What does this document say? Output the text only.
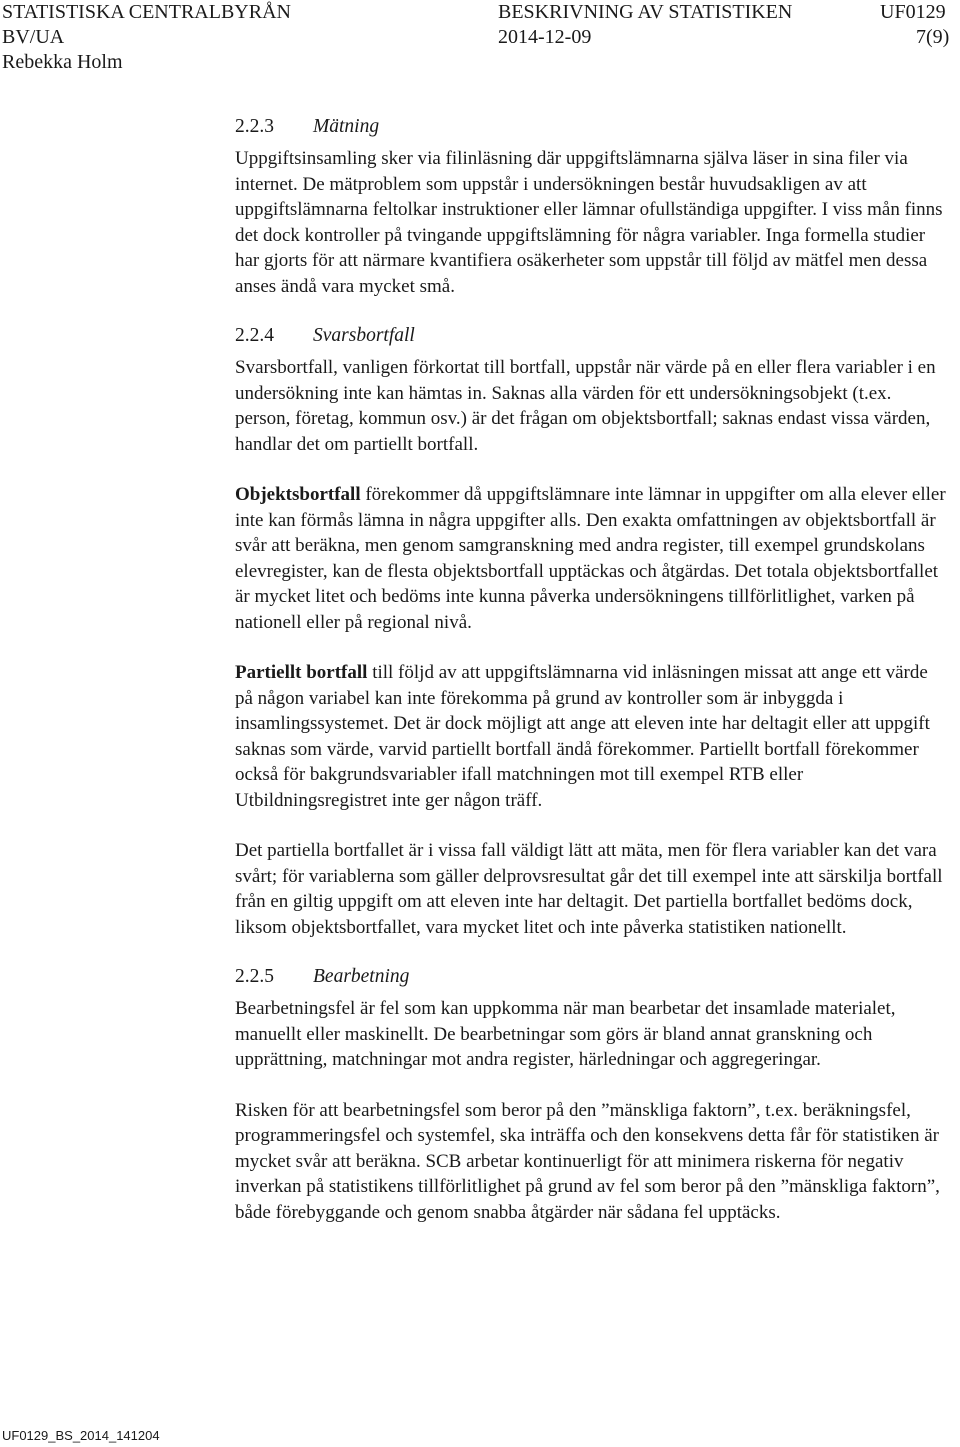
STATISTISKA CENTRALBYRÅN	BESKRIVNING AV STATISTIKEN	UF0129
BV/UA	2014-12-09	7(9)
Rebekka Holm
2.2.3 Mätning

Uppgiftsinsamling sker via filinläsning där uppgiftslämnarna själva läser in sina filer via internet. De mätproblem som uppstår i undersökningen består huvudsakligen av att uppgiftslämnarna feltolkar instruktioner eller lämnar ofullständiga uppgifter. I viss mån finns det dock kontroller på tvingande uppgiftslämning för några variabler. Inga formella studier har gjorts för att närmare kvantifiera osäkerheter som uppstår till följd av mätfel men dessa anses ändå vara mycket små.

2.2.4 Svarsbortfall

Svarsbortfall, vanligen förkortat till bortfall, uppstår när värde på en eller flera variabler i en undersökning inte kan hämtas in. Saknas alla värden för ett undersökningsobjekt (t.ex. person, företag, kommun osv.) är det frågan om objektsbortfall; saknas endast vissa värden, handlar det om partiellt bortfall.

Objektsbortfall förekommer då uppgiftslämnare inte lämnar in uppgifter om alla elever eller inte kan förmås lämna in några uppgifter alls. Den exakta omfattningen av objektsbortfall är svår att beräkna, men genom samgranskning med andra register, till exempel grundskolans elevregister, kan de flesta objektsbortfall upptäckas och åtgärdas. Det totala objektsbortfallet är mycket litet och bedöms inte kunna påverka undersökningens tillförlitlighet, varken på nationell eller på regional nivå.

Partiellt bortfall till följd av att uppgiftslämnarna vid inläsningen missat att ange ett värde på någon variabel kan inte förekomma på grund av kontroller som är inbyggda i insamlingssystemet. Det är dock möjligt att ange att eleven inte har deltagit eller att uppgift saknas som värde, varvid partiellt bortfall ändå förekommer. Partiellt bortfall förekommer också för bakgrundsvariabler ifall matchningen mot till exempel RTB eller Utbildningsregistret inte ger någon träff.

Det partiella bortfallet är i vissa fall väldigt lätt att mäta, men för flera variabler kan det vara svårt; för variablerna som gäller delprovsresultat går det till exempel inte att särskilja bortfall från en giltig uppgift om att eleven inte har deltagit. Det partiella bortfallet bedöms dock, liksom objektsbortfallet, vara mycket litet och inte påverka statistiken nationellt.

2.2.5 Bearbetning

Bearbetningsfel är fel som kan uppkomma när man bearbetar det insamlade materialet, manuellt eller maskinellt. De bearbetningar som görs är bland annat granskning och upprättning, matchningar mot andra register, härledningar och aggregeringar.

Risken för att bearbetningsfel som beror på den ”mänskliga faktorn”, t.ex. beräkningsfel, programmeringsfel och systemfel, ska inträffa och den konsekvens detta får för statistiken är mycket svår att beräkna. SCB arbetar kontinuerligt för att minimera riskerna för negativ inverkan på statistikens tillförlitlighet på grund av fel som beror på den ”mänskliga faktorn”, både förebyggande och genom snabba åtgärder när sådana fel upptäcks.

UF0129_BS_2014_141204
